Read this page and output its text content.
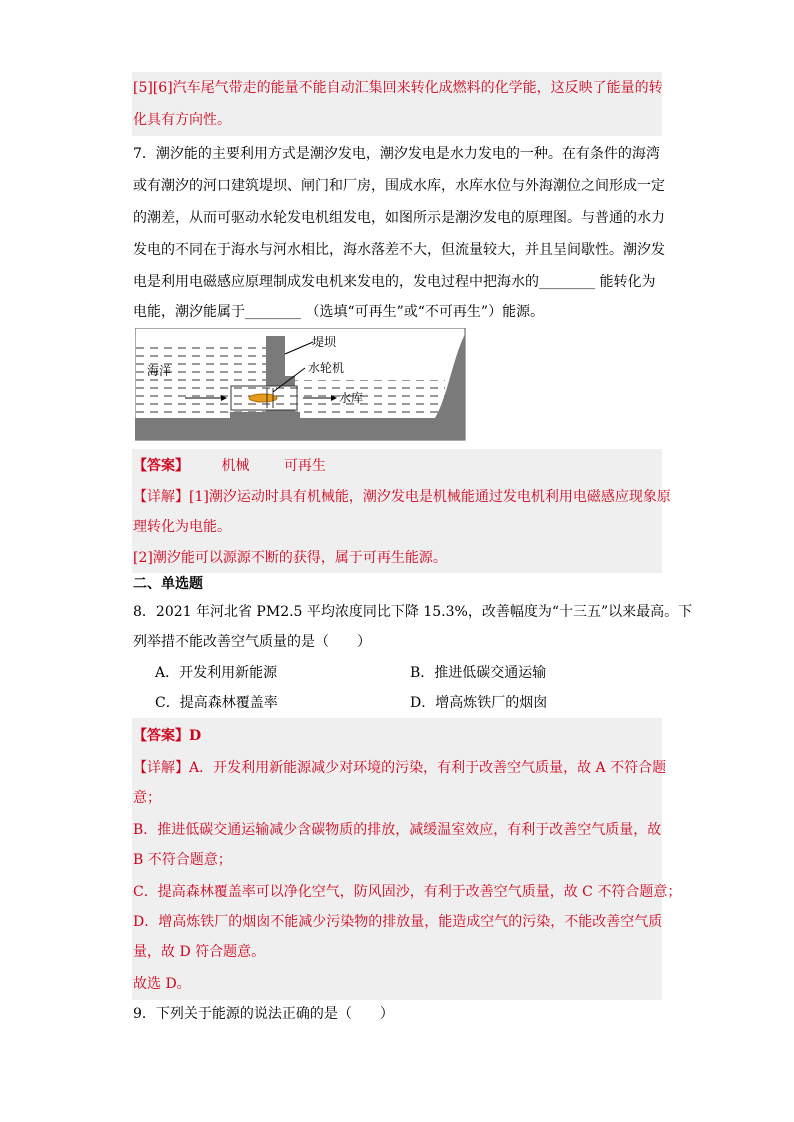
[5][6]汽车尾气带走的能量不能自动汇集回来转化成燃料的化学能，这反映了能量的转
化具有方向性。
7．潮汐能的主要利用方式是潮汐发电，潮汐发电是水力发电的一种。在有条件的海湾
或有潮汐的河口建筑堤坝、闸门和厂房，围成水库，水库水位与外海潮位之间形成一定
的潮差，从而可驱动水轮发电机组发电，如图所示是潮汐发电的原理图。与普通的水力
发电的不同在于海水与河水相比，海水落差不大，但流量较大，并且呈间歇性。潮汐发
电是利用电磁感应原理制成发电机来发电的，发电过程中把海水的________ 能转化为
电能，潮汐能属于________ （选填“可再生”或“不可再生”）能源。
堤坝
水轮机
海洋
水库
【答案】 机械 可再生
【详解】[1]潮汐运动时具有机械能，潮汐发电是机械能通过发电机利用电磁感应现象原
理转化为电能。
[2]潮汐能可以源源不断的获得，属于可再生能源。
二、单选题
8．2021 年河北省 PM2.5 平均浓度同比下降 15.3%，改善幅度为“十三五”以来最高。下
列举措不能改善空气质量的是（　　）
A．开发利用新能源	B．推进低碳交通运输
C．提高森林覆盖率	D．增高炼铁厂的烟囱
【答案】D
【详解】A．开发利用新能源减少对环境的污染，有利于改善空气质量，故 A 不符合题
意；
B．推进低碳交通运输减少含碳物质的排放，减缓温室效应，有利于改善空气质量，故
B 不符合题意；
C．提高森林覆盖率可以净化空气，防风固沙，有利于改善空气质量，故 C 不符合题意；
D．增高炼铁厂的烟囱不能减少污染物的排放量，能造成空气的污染，不能改善空气质
量，故 D 符合题意。
故选 D。
9．下列关于能源的说法正确的是（　　）
